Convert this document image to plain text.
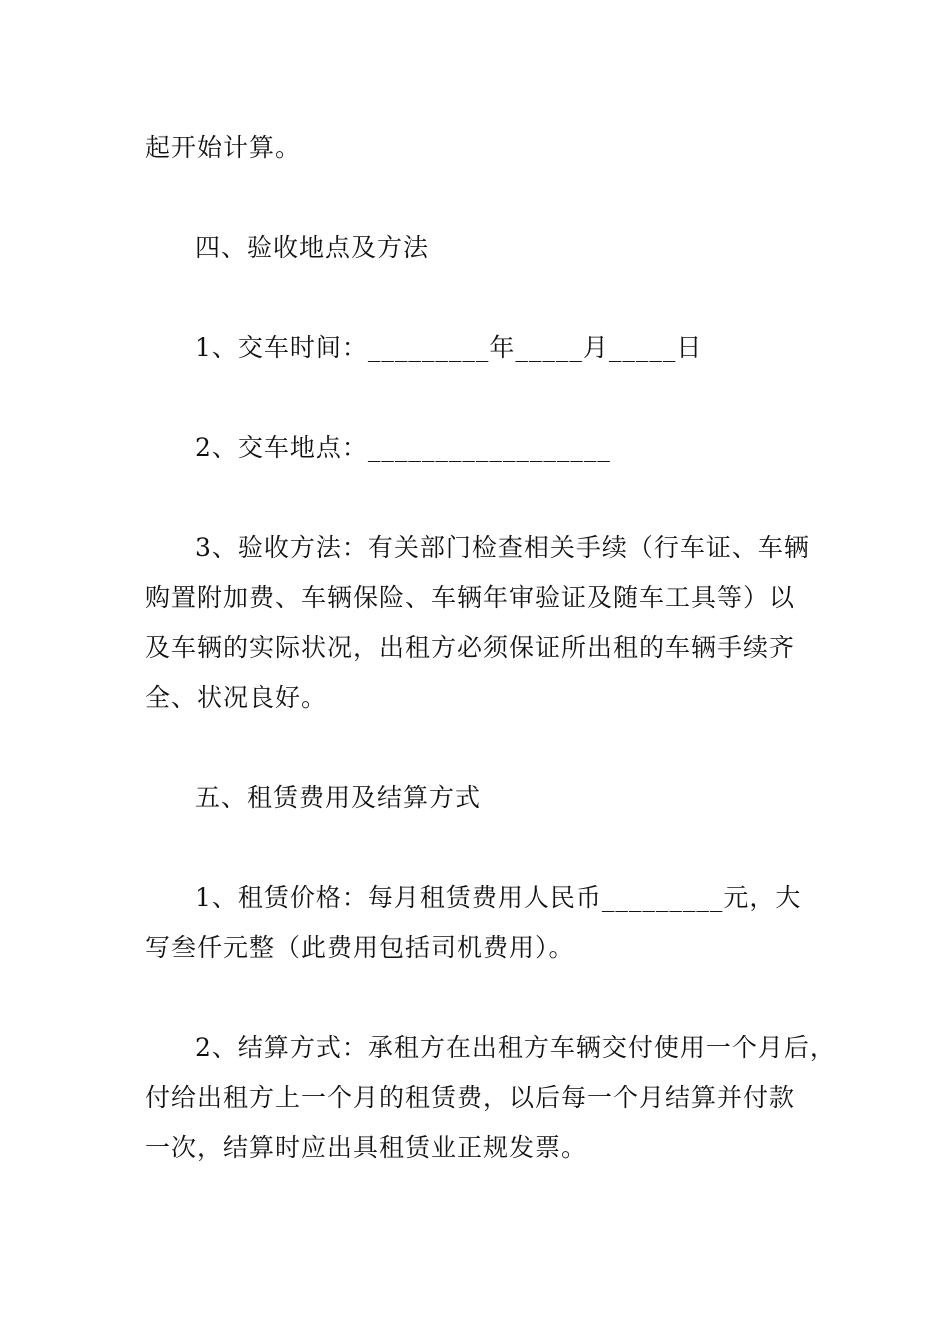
起开始计算。
四、验收地点及方法
1、交车时间：_________年_____月_____日
2、交车地点：__________________
3、验收方法：有关部门检查相关手续（行车证、车辆
购置附加费、车辆保险、车辆年审验证及随车工具等）以
及车辆的实际状况，出租方必须保证所出租的车辆手续齐
全、状况良好。
五、租赁费用及结算方式
1、租赁价格：每月租赁费用人民币_________元，大
写叁仟元整（此费用包括司机费用）。
2、结算方式：承租方在出租方车辆交付使用一个月后，
付给出租方上一个月的租赁费，以后每一个月结算并付款
一次，结算时应出具租赁业正规发票。
